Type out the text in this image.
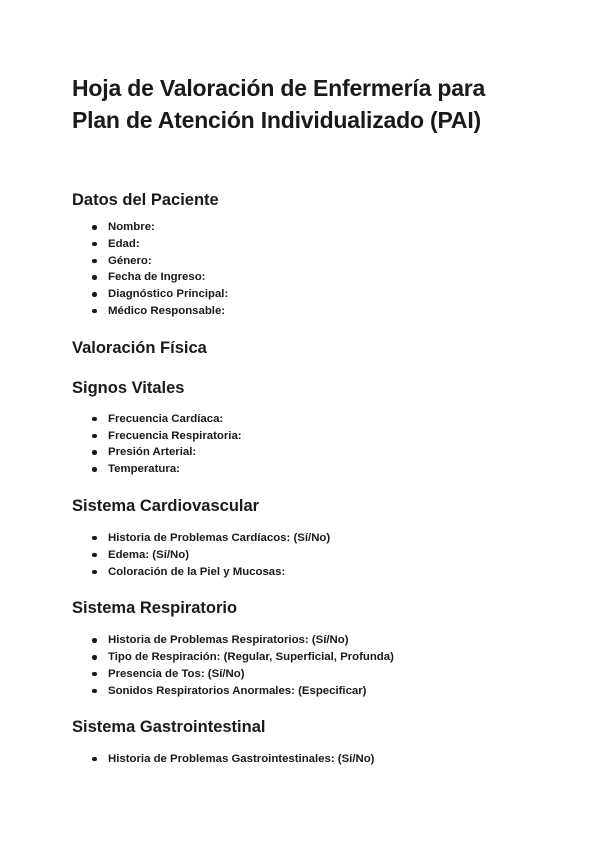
Hoja de Valoración de Enfermería para
Plan de Atención Individualizado (PAI)
Datos del Paciente
Nombre:
Edad:
Género:
Fecha de Ingreso:
Diagnóstico Principal:
Médico Responsable:
Valoración Física
Signos Vitales
Frecuencia Cardíaca:
Frecuencia Respiratoria:
Presión Arterial:
Temperatura:
Sistema Cardiovascular
Historia de Problemas Cardíacos: (Sí/No)
Edema: (Sí/No)
Coloración de la Piel y Mucosas:
Sistema Respiratorio
Historia de Problemas Respiratorios: (Sí/No)
Tipo de Respiración: (Regular, Superficial, Profunda)
Presencia de Tos: (Sí/No)
Sonidos Respiratorios Anormales: (Especificar)
Sistema Gastrointestinal
Historia de Problemas Gastrointestinales: (Sí/No)
